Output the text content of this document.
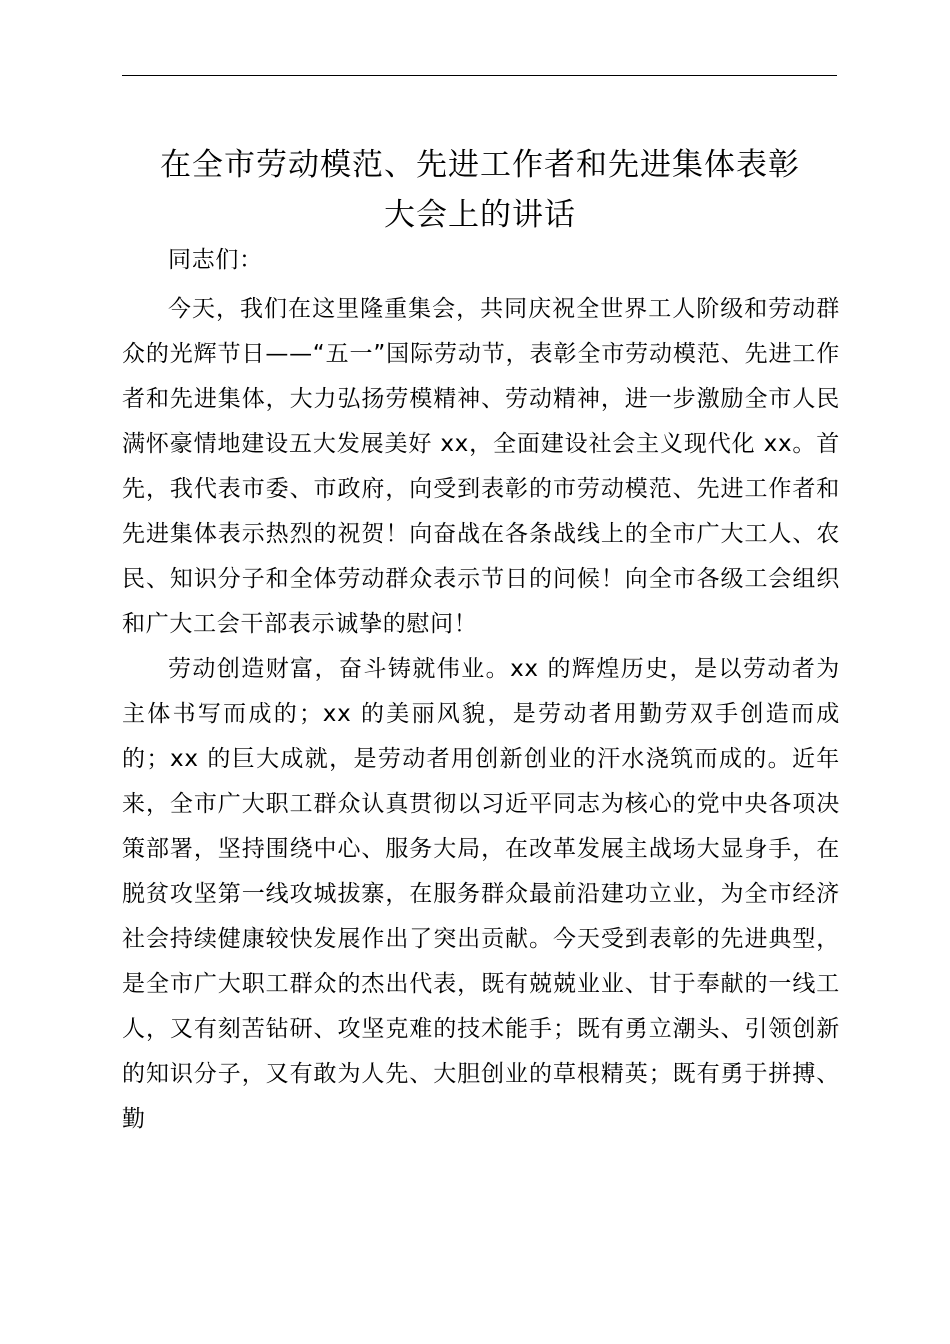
在全市劳动模范、先进工作者和先进集体表彰
大会上的讲话

同志们：

今天，我们在这里隆重集会，共同庆祝全世界工人阶级和劳动群众的光辉节日——“五一”国际劳动节，表彰全市劳动模范、先进工作者和先进集体，大力弘扬劳模精神、劳动精神，进一步激励全市人民满怀豪情地建设五大发展美好 xx，全面建设社会主义现代化 xx。首先，我代表市委、市政府，向受到表彰的市劳动模范、先进工作者和先进集体表示热烈的祝贺！向奋战在各条战线上的全市广大工人、农民、知识分子和全体劳动群众表示节日的问候！向全市各级工会组织和广大工会干部表示诚挚的慰问！

劳动创造财富，奋斗铸就伟业。xx 的辉煌历史，是以劳动者为主体书写而成的；xx 的美丽风貌，是劳动者用勤劳双手创造而成的；xx 的巨大成就，是劳动者用创新创业的汗水浇筑而成的。近年来，全市广大职工群众认真贯彻以习近平同志为核心的党中央各项决策部署，坚持围绕中心、服务大局，在改革发展主战场大显身手，在脱贫攻坚第一线攻城拔寨，在服务群众最前沿建功立业，为全市经济社会持续健康较快发展作出了突出贡献。今天受到表彰的先进典型，是全市广大职工群众的杰出代表，既有兢兢业业、甘于奉献的一线工人，又有刻苦钻研、攻坚克难的技术能手；既有勇立潮头、引领创新的知识分子，又有敢为人先、大胆创业的草根精英；既有勇于拼搏、勤
